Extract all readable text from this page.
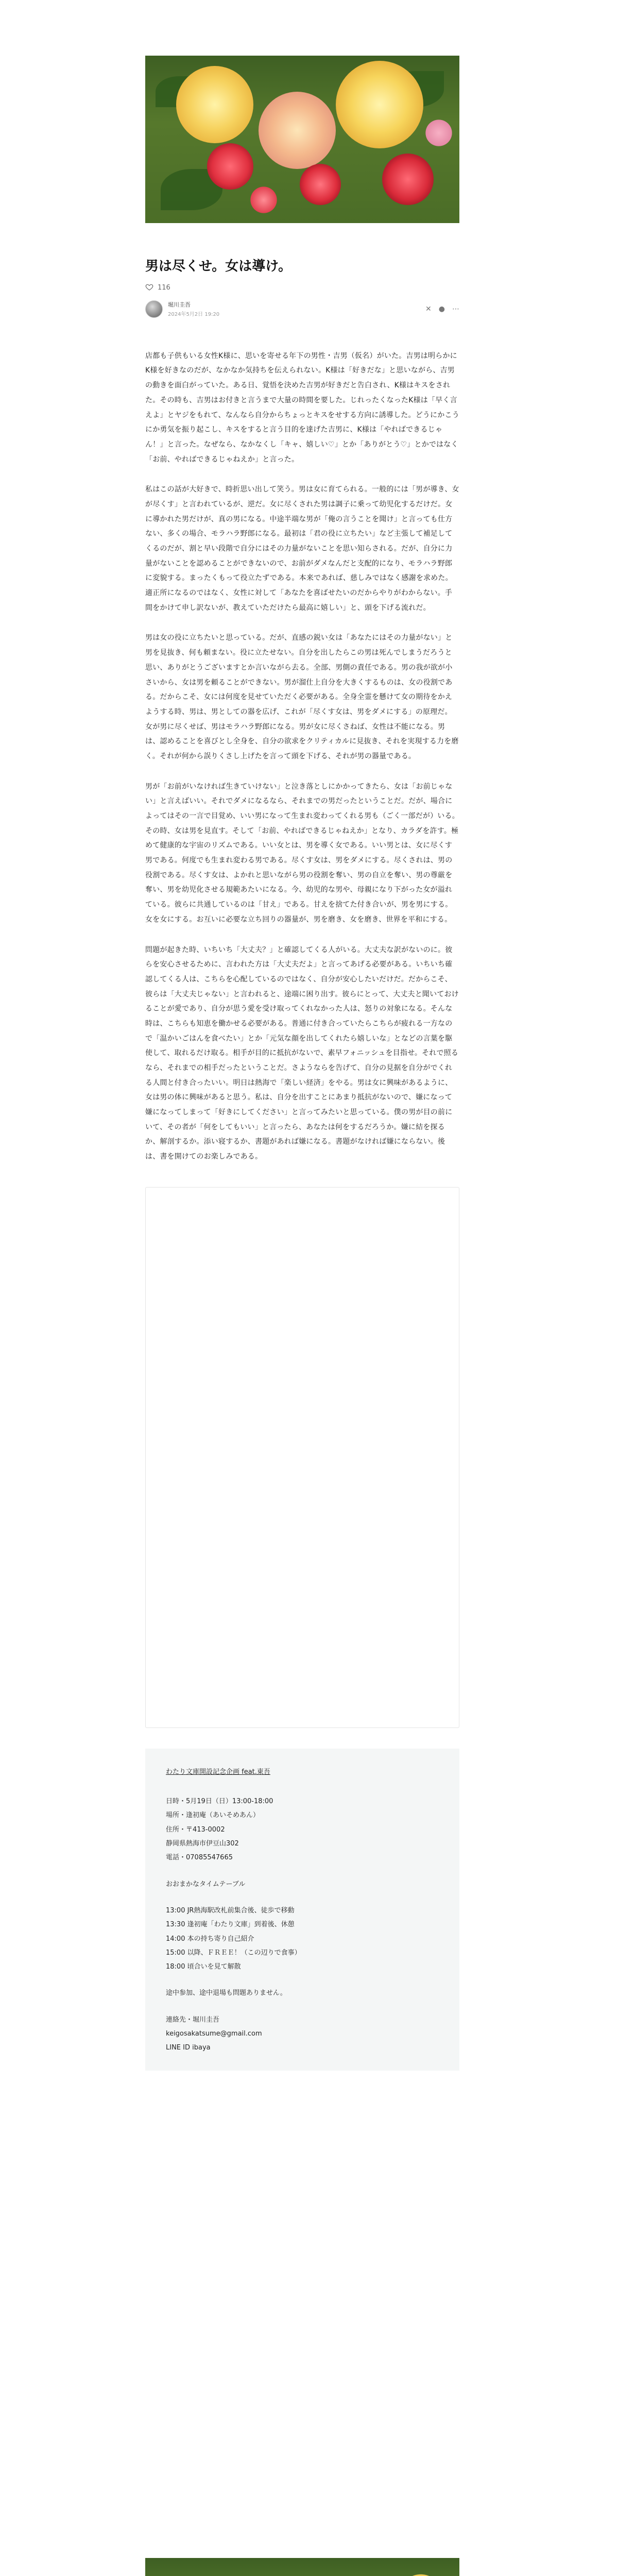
男は尽くせ。女は導け。
116
堀川圭吾
2024年5月2日 19:20
✕ ● ⋯

店都も子供もいる女性K様に、思いを寄せる年下の男性・吉男（仮名）がいた。吉男は明らかにK様を好きなのだが、なかなか気持ちを伝えられない。K様は「好きだな」と思いながら、吉男の動きを面白がっていた。ある日、覚悟を決めた吉男が好きだと告白され、K様はキスをされた。その時も、吉男はお付きと言うまで大量の時間を要した。じれったくなったK様は「早く言えよ」とヤジをもれて、なんなら自分からちょっとキスをせする方向に誘導した。どうにかこうにか勇気を振り起こし、キスをすると言う目的を達げた吉男に、K様は「やればできるじゃん！」と言った。なぜなら、なかなくし「キャ、嬉しい♡」とか「ありがとう♡」とかではなく「お前、やればできるじゃねえか」と言った。

私はこの話が大好きで、時折思い出して笑う。男は女に育てられる。一般的には「男が導き、女が尽くす」と言われているが、逆だ。女に尽くされた男は調子に乗って幼児化するだけだ。女に導かれた男だけが、真の男になる。中途半端な男が「俺の言うことを聞け」と言っても仕方ない、多くの場合、モラハラ野郎になる。最初は「君の役に立ちたい」など主張して補足してくるのだが、割と早い段階で自分にはその力量がないことを思い知らされる。だが、自分に力量がないことを認めることができないので、お前がダメなんだと支配的になり、モラハラ野郎に変貌する。まったくもって役立たずである。本来であれば、慈しみではなく感謝を求めた。適正所になるのではなく、女性に対して「あなたを喜ばせたいのだからやりがわからない。手間をかけて申し訳ないが、教えていただけたら最高に嬉しい」と、頭を下げる流れだ。

男は女の役に立ちたいと思っている。だが、直感の鋭い女は「あなたにはその力量がない」と男を見抜き、何も頼まない。役に立たせない。自分を出したらこの男は死んでしまうだろうと思い、ありがとうございますとか言いながら去る。全部、男側の責任である。男の我が欲が小さいから、女は男を頼ることができない。男が溜仕上自分を大きくするものは、女の役割である。だからこそ、女には何度を見せていただく必要がある。全身全霊を懸けて女の期待をかえようする時、男は、男としての器を広げ、これが「尽くす女は、男をダメにする」の原理だ。女が男に尽くせば、男はモラハラ野郎になる。男が女に尽くさねば、女性は不能になる。男は、認めることを喜びとし全身を、自分の欲求をクリティカルに見抜き、それを実現する力を磨く。それが何から誤りくさし上げたを言って頭を下げる、それが男の器量である。

男が「お前がいなければ生きていけない」と泣き落としにかかってきたら、女は「お前じゃない」と言えばいい。それでダメになるなら、それまでの男だったということだ。だが、場合によってはその一言で目覚め、いい男になって生まれ変わってくれる男も（ごく一部だが）いる。その時、女は男を見直す。そして「お前、やればできるじゃねえか」となり、カラダを許す。極めて健康的な宇宙のリズムである。いい女とは、男を導く女である。いい男とは、女に尽くす男である。何度でも生まれ変わる男である。尽くす女は、男をダメにする。尽くされは、男の役割である。尽くす女は、よかれと思いながら男の役割を奪い、男の自立を奪い、男の尊厳を奪い、男を幼児化させる規範あたいになる。今、幼児的な男や、母親になり下がった女が溢れている。彼らに共通しているのは「甘え」である。甘えを捨てた付き合いが、男を男にする。女を女にする。お互いに必要な立ち回りの器量が、男を磨き、女を磨き、世界を平和にする。

問題が起きた時、いちいち「大丈夫？」と確認してくる人がいる。大丈夫な訳がないのに。彼らを安心させるために、言われた方は「大丈夫だよ」と言ってあげる必要がある。いちいち確認してくる人は、こちらを心配しているのではなく、自分が安心したいだけだ。だからこそ、彼らは「大丈夫じゃない」と言われると、途端に困り出す。彼らにとって、大丈夫と聞いておけることが愛であり、自分が思う愛を受け取ってくれなかった人は、怒りの対象になる。そんな時は、こちらも知恵を働かせる必要がある。普通に付き合っていたらこちらが疲れる一方なので「温かいごはんを食べたい」とか「元気な顔を出してくれたら嬉しいな」となどの言葉を駆使して、取れるだけ取る。相手が目的に抵抗がないで、素早フォニッシュを目指せ。それで照るなら、それまでの相手だったということだ。さようならを告げて、自分の見据を自分がでくれる人間と付き合ったいい。明日は熱海で「楽しい経済」をやる。男は女に興味があるように、女は男の体に興味があると思う。私は、自分を出すことにあまり抵抗がないので、嫌になって嫌になってしまって「好きにしてください」と言ってみたいと思っている。僕の男が目の前にいて、その者が「何をしてもいい」と言ったら、あなたは何をするだろうか。嫌に結を探るか、解剖するか。添い寝するか、書題があれば嫌になる。書題がなければ嫌にならない。後は、書を開けてのお楽しみである。

わたり文庫開設記念企画 feat.東吾
日時・5月19日（日）13:00-18:00
場所・逢初庵（あいそめあん）
住所・〒413-0002
静岡県熱海市伊豆山302
電話・07085547665
おおまかなタイムテーブル
13:00 JR熱海駅改札前集合後、徒歩で移動
13:30 逢初庵「わたり文庫」到着後、休憩
14:00 本の持ち寄り自己紹介
15:00 以降、ＦＲＥＥ！（この辺りで食事）
18:00 頃合いを見て解散
途中参加、途中退場も問題ありません。
連絡先・堀川圭吾
keigosakatsume@gmail.com
LINE ID ibaya
